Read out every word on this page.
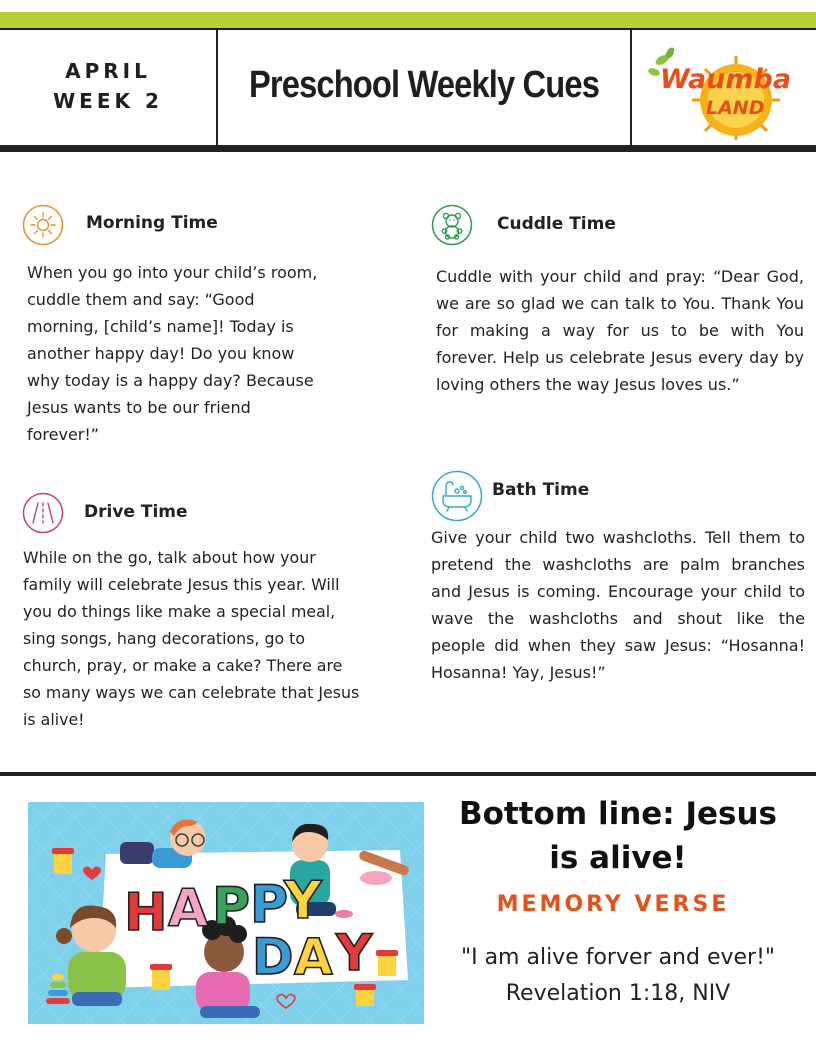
APRIL
WEEK 2	Preschool Weekly Cues Waumba
LAND
Morning Time
When you go into your child’s room,
cuddle them and say: “Good
morning, [child’s name]! Today is
another happy day! Do you know
why today is a happy day? Because
Jesus wants to be our friend
forever!”
Cuddle Time
Cuddle with your child and pray: “Dear God, we are so glad we can talk to You. Thank You for making a way for us to be with You forever. Help us celebrate Jesus every day by loving others the way Jesus loves us.”
Drive Time
While on the go, talk about how your
family will celebrate Jesus this year. Will
you do things like make a special meal,
sing songs, hang decorations, go to
church, pray, or make a cake? There are
so many ways we can celebrate that Jesus
is alive!
Bath Time
Give your child two washcloths. Tell them to pretend the washcloths are palm branches and Jesus is coming. Encourage your child to wave the washcloths and shout like the people did when they saw Jesus: “Hosanna! Hosanna! Yay, Jesus!”
H A P P
Y
D A Y
Bottom line: Jesus is alive!
MEMORY VERSE
"I am alive forver and ever!"
Revelation 1:18, NIV
